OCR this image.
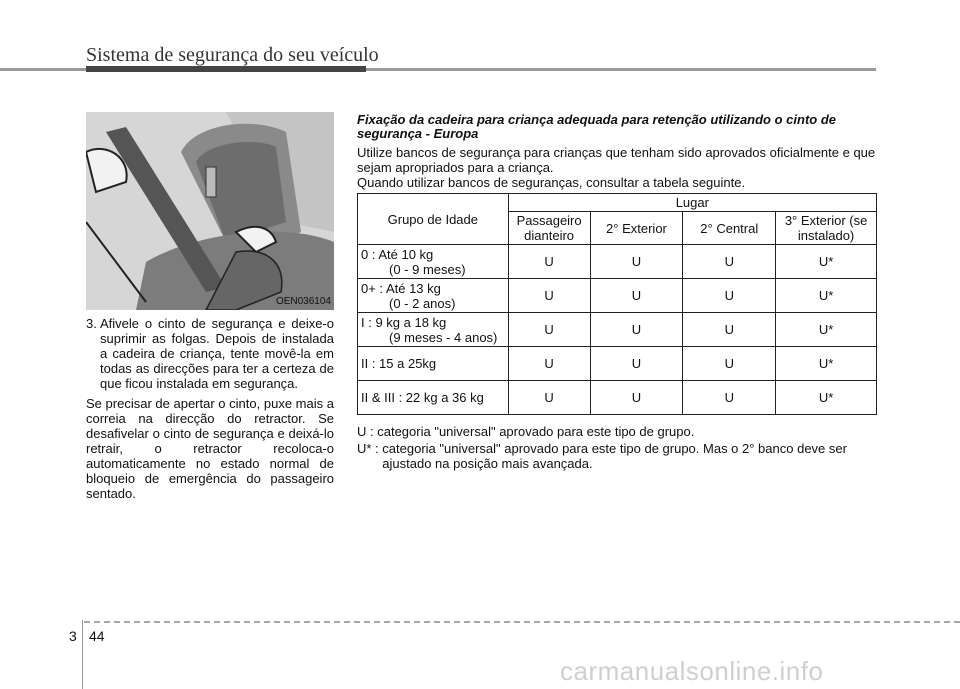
Sistema de segurança do seu veículo
OEN036104
3. Afivele o cinto de segurança e deixe-o suprimir as folgas. Depois de instalada a cadeira de criança, tente movê-la em todas as direcções para ter a certeza de que ficou instalada em segurança.

Se precisar de apertar o cinto, puxe mais a correia na direcção do retractor. Se desafivelar o cinto de segurança e deixá-lo retrair, o retractor recoloca-o automaticamente no estado normal de bloqueio de emergência do passageiro sentado.

Fixação da cadeira para criança adequada para retenção utilizando o cinto de segurança - Europa

Utilize bancos de segurança para crianças que tenham sido aprovados oficialmente e que sejam apropriados para a criança.

Quando utilizar bancos de seguranças, consultar a tabela seguinte.

Grupo de Idade	Lugar			
	Passageiro dianteiro	2° Exterior	2° Central	3° Exterior (se instalado)

0 : Até 10 kg
(0 - 9 meses)	U	U	U	U*

0+ : Até 13 kg
(0 - 2 anos)	U	U	U	U*

I : 9 kg a 18 kg
(9 meses - 4 anos)	U	U	U	U*
II : 15 a 25kg	U	U	U	U*
II & III : 22 kg a 36 kg	U	U	U	U*
U : categoria "universal" aprovado para este tipo de grupo.
U* : categoria "universal" aprovado para este tipo de grupo. Mas o 2° banco deve ser ajustado na posição mais avançada.
3 44
carmanualsonline.info
